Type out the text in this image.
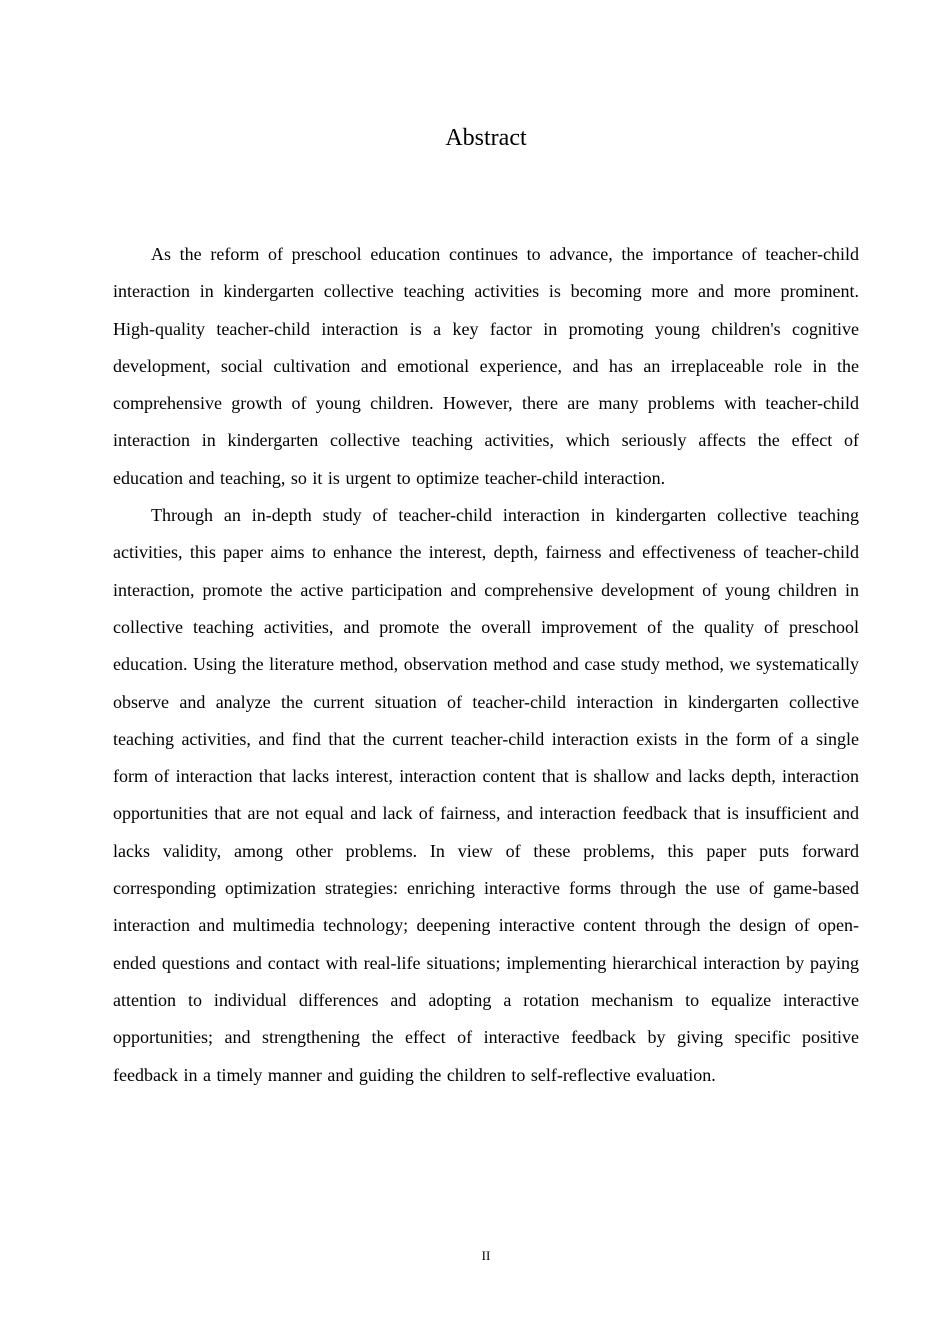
Abstract

As the reform of preschool education continues to advance, the importance of teacher-child interaction in kindergarten collective teaching activities is becoming more and more prominent. High-quality teacher-child interaction is a key factor in promoting young children's cognitive development, social cultivation and emotional experience, and has an irreplaceable role in the comprehensive growth of young children. However, there are many problems with teacher-child interaction in kindergarten collective teaching activities, which seriously affects the effect of education and teaching, so it is urgent to optimize teacher-child interaction.

Through an in-depth study of teacher-child interaction in kindergarten collective teaching activities, this paper aims to enhance the interest, depth, fairness and effectiveness of teacher-child interaction, promote the active participation and comprehensive development of young children in collective teaching activities, and promote the overall improvement of the quality of preschool education. Using the literature method, observation method and case study method, we systematically observe and analyze the current situation of teacher-child interaction in kindergarten collective teaching activities, and find that the current teacher-child interaction exists in the form of a single form of interaction that lacks interest, interaction content that is shallow and lacks depth, interaction opportunities that are not equal and lack of fairness, and interaction feedback that is insufficient and lacks validity, among other problems. In view of these problems, this paper puts forward corresponding optimization strategies: enriching interactive forms through the use of game-based interaction and multimedia technology; deepening interactive content through the design of open-ended questions and contact with real-life situations; implementing hierarchical interaction by paying attention to individual differences and adopting a rotation mechanism to equalize interactive opportunities; and strengthening the effect of interactive feedback by giving specific positive feedback in a timely manner and guiding the children to self-reflective evaluation.

II
